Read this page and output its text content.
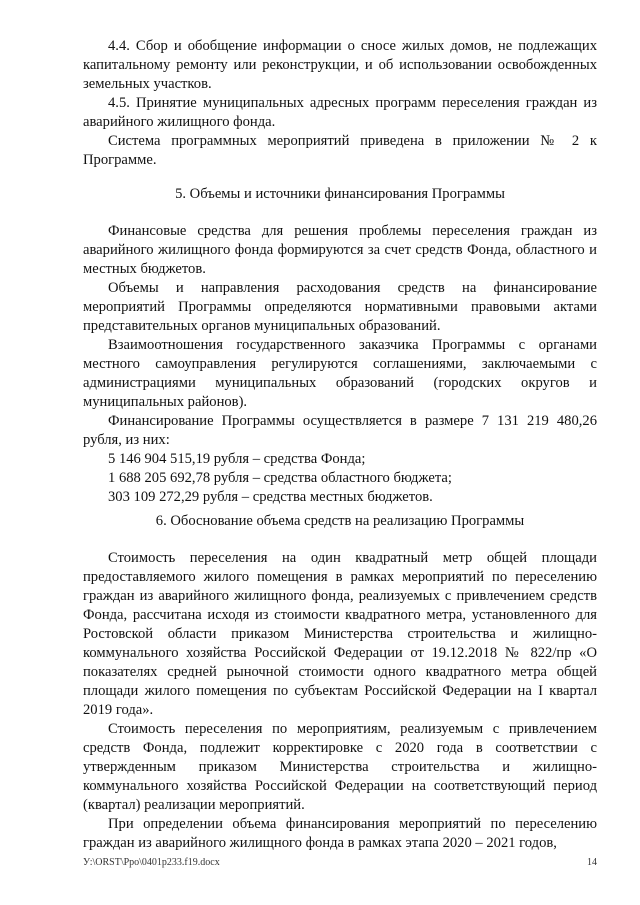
4.4. Сбор и обобщение информации о сносе жилых домов, не подлежащих капитальному ремонту или реконструкции, и об использовании освобожденных земельных участков.

4.5. Принятие муниципальных адресных программ переселения граждан из аварийного жилищного фонда.

Система программных мероприятий приведена в приложении № 2 к Программе.

5. Объемы и источники финансирования Программы

Финансовые средства для решения проблемы переселения граждан из аварийного жилищного фонда формируются за счет средств Фонда, областного и местных бюджетов.

Объемы и направления расходования средств на финансирование мероприятий Программы определяются нормативными правовыми актами представительных органов муниципальных образований.

Взаимоотношения государственного заказчика Программы с органами местного самоуправления регулируются соглашениями, заключаемыми с администрациями муниципальных образований (городских округов и муниципальных районов).

Финансирование Программы осуществляется в размере 7 131 219 480,26 рубля, из них:

5 146 904 515,19 рубля – средства Фонда;

1 688 205 692,78 рубля – средства областного бюджета;

303 109 272,29 рубля – средства местных бюджетов.

6. Обоснование объема средств на реализацию Программы

Стоимость переселения на один квадратный метр общей площади предоставляемого жилого помещения в рамках мероприятий по переселению граждан из аварийного жилищного фонда, реализуемых с привлечением средств Фонда, рассчитана исходя из стоимости квадратного метра, установленного для Ростовской области приказом Министерства строительства и жилищно-коммунального хозяйства Российской Федерации от 19.12.2018 № 822/пр «О показателях средней рыночной стоимости одного квадратного метра общей площади жилого помещения по субъектам Российской Федерации на I квартал 2019 года».

Стоимость переселения по мероприятиям, реализуемым с привлечением средств Фонда, подлежит корректировке с 2020 года в соответствии с утвержденным приказом Министерства строительства и жилищно-коммунального хозяйства Российской Федерации на соответствующий период (квартал) реализации мероприятий.

При определении объема финансирования мероприятий по переселению граждан из аварийного жилищного фонда в рамках этапа 2020 – 2021 годов,

У:\ORST\Ppo\0401p233.f19.docx	14
